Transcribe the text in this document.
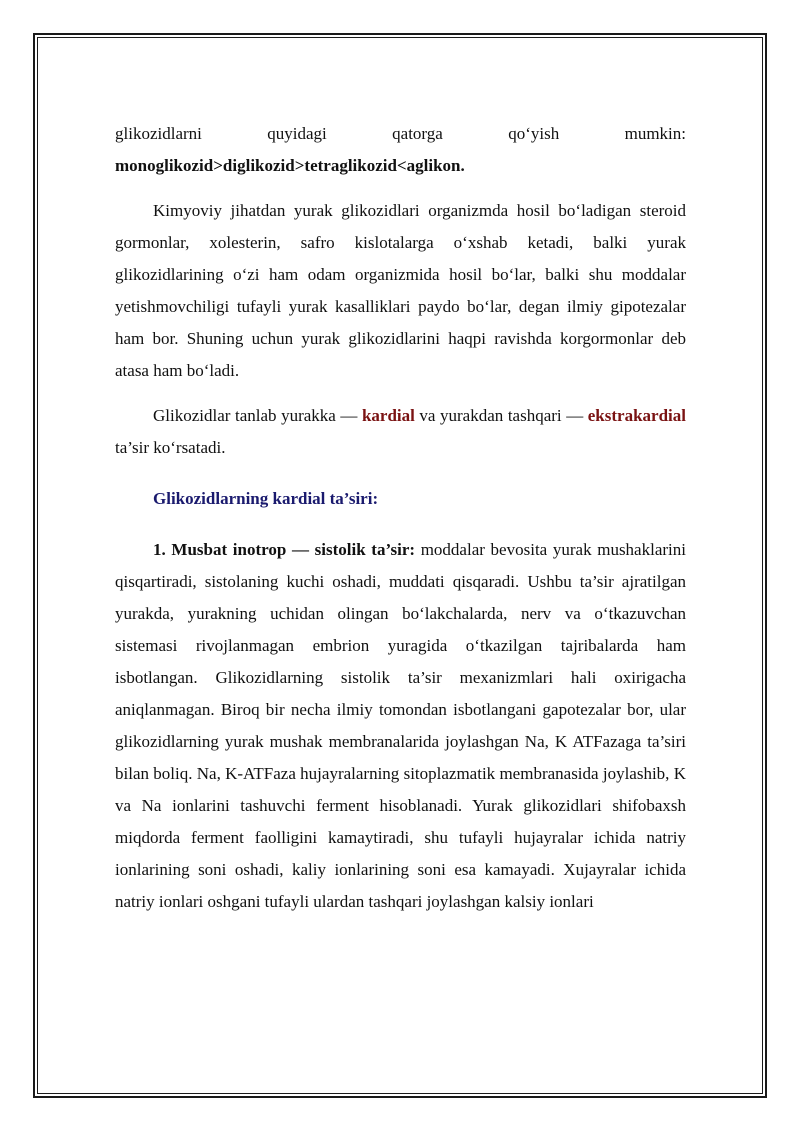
glikozidlarni quyidagi qatorga qo‘yish mumkin:

monoglikozid>diglikozid>tetraglikozid<aglikon.

Kimyoviy jihatdan yurak glikozidlari organizmda hosil bo‘ladigan steroid gormonlar, xolesterin, safro kislotalarga o‘xshab ketadi, balki yurak glikozidlarining o‘zi ham odam organizmida hosil bo‘lar, balki shu moddalar yetishmovchiligi tufayli yurak kasalliklari paydo bo‘lar, degan ilmiy gipotezalar ham bor. Shuning uchun yurak glikozidlarini haqpi ravishda korgormonlar deb atasa ham bo‘ladi.

Glikozidlar tanlab yurakka — kardial va yurakdan tashqari — ekstrakardial ta’sir ko‘rsatadi.

Glikozidlarning kardial ta’siri:

1. Musbat inotrop — sistolik ta’sir: moddalar bevosita yurak mushaklarini qisqartiradi, sistolaning kuchi oshadi, muddati qisqaradi. Ushbu ta’sir ajratilgan yurakda, yurakning uchidan olingan bo‘lakchalarda, nerv va o‘tkazuvchan sistemasi rivojlanmagan embrion yuragida o‘tkazilgan tajribalarda ham isbotlangan. Glikozidlarning sistolik ta’sir mexanizmlari hali oxirigacha aniqlanmagan. Biroq bir necha ilmiy tomondan isbotlangani gapotezalar bor, ular glikozidlarning yurak mushak membranalarida joylashgan Na, K ATFazaga ta’siri bilan boliq. Na, K-ATFaza hujayralarning sitoplazmatik membranasida joylashib, K va Na ionlarini tashuvchi ferment hisoblanadi. Yurak glikozidlari shifobaxsh miqdorda ferment faolligini kamaytiradi, shu tufayli hujayralar ichida natriy ionlarining soni oshadi, kaliy ionlarining soni esa kamayadi. Xujayralar ichida natriy ionlari oshgani tufayli ulardan tashqari joylashgan kalsiy ionlari
